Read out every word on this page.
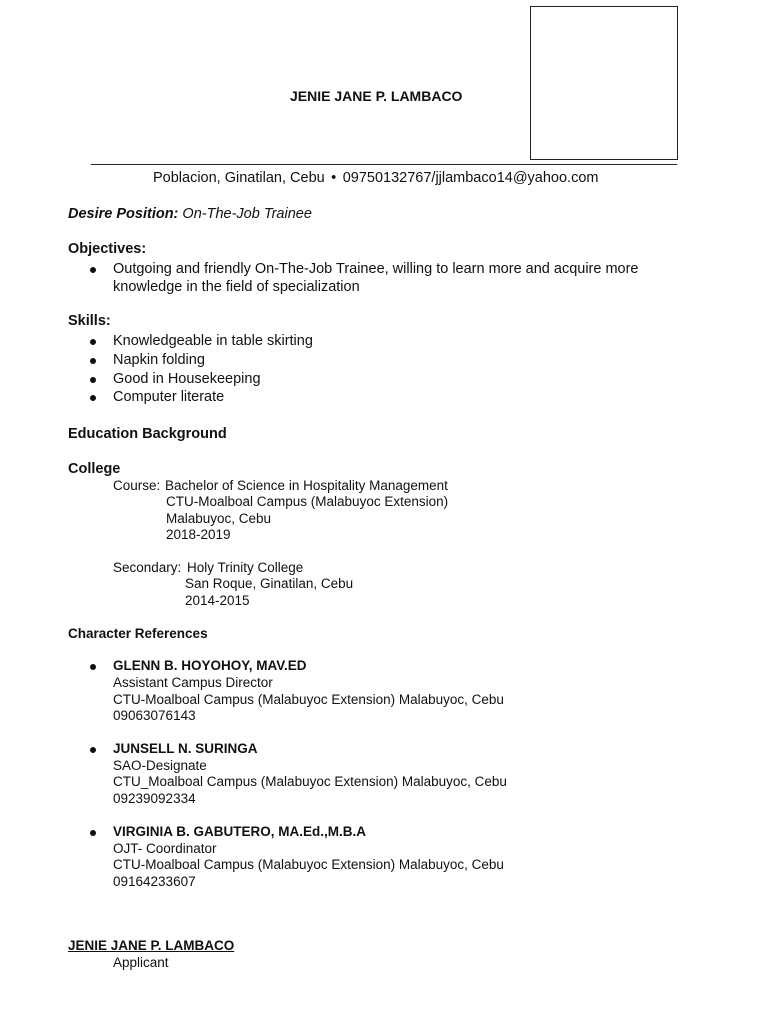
JENIE JANE P. LAMBACO
Poblacion, Ginatilan, Cebu • 09750132767/jjlambaco14@yahoo.com
Desire Position: On-The-Job Trainee
Objectives:
Outgoing and friendly On-The-Job Trainee, willing to learn more and acquire more
knowledge in the field of specialization
Skills:
Knowledgeable in table skirting
Napkin folding
Good in Housekeeping
Computer literate
Education Background
College
Course: Bachelor of Science in Hospitality Management
CTU-Moalboal Campus (Malabuyoc Extension)
Malabuyoc, Cebu
2018-2019
Secondary: Holy Trinity College
San Roque, Ginatilan, Cebu
2014-2015
Character References
GLENN B. HOYOHOY, MAV.ED
Assistant Campus Director
CTU-Moalboal Campus (Malabuyoc Extension) Malabuyoc, Cebu
09063076143
JUNSELL N. SURINGA
SAO-Designate
CTU_Moalboal Campus (Malabuyoc Extension) Malabuyoc, Cebu
09239092334
VIRGINIA B. GABUTERO, MA.Ed.,M.B.A
OJT- Coordinator
CTU-Moalboal Campus (Malabuyoc Extension) Malabuyoc, Cebu
09164233607
JENIE JANE P. LAMBACO
Applicant
